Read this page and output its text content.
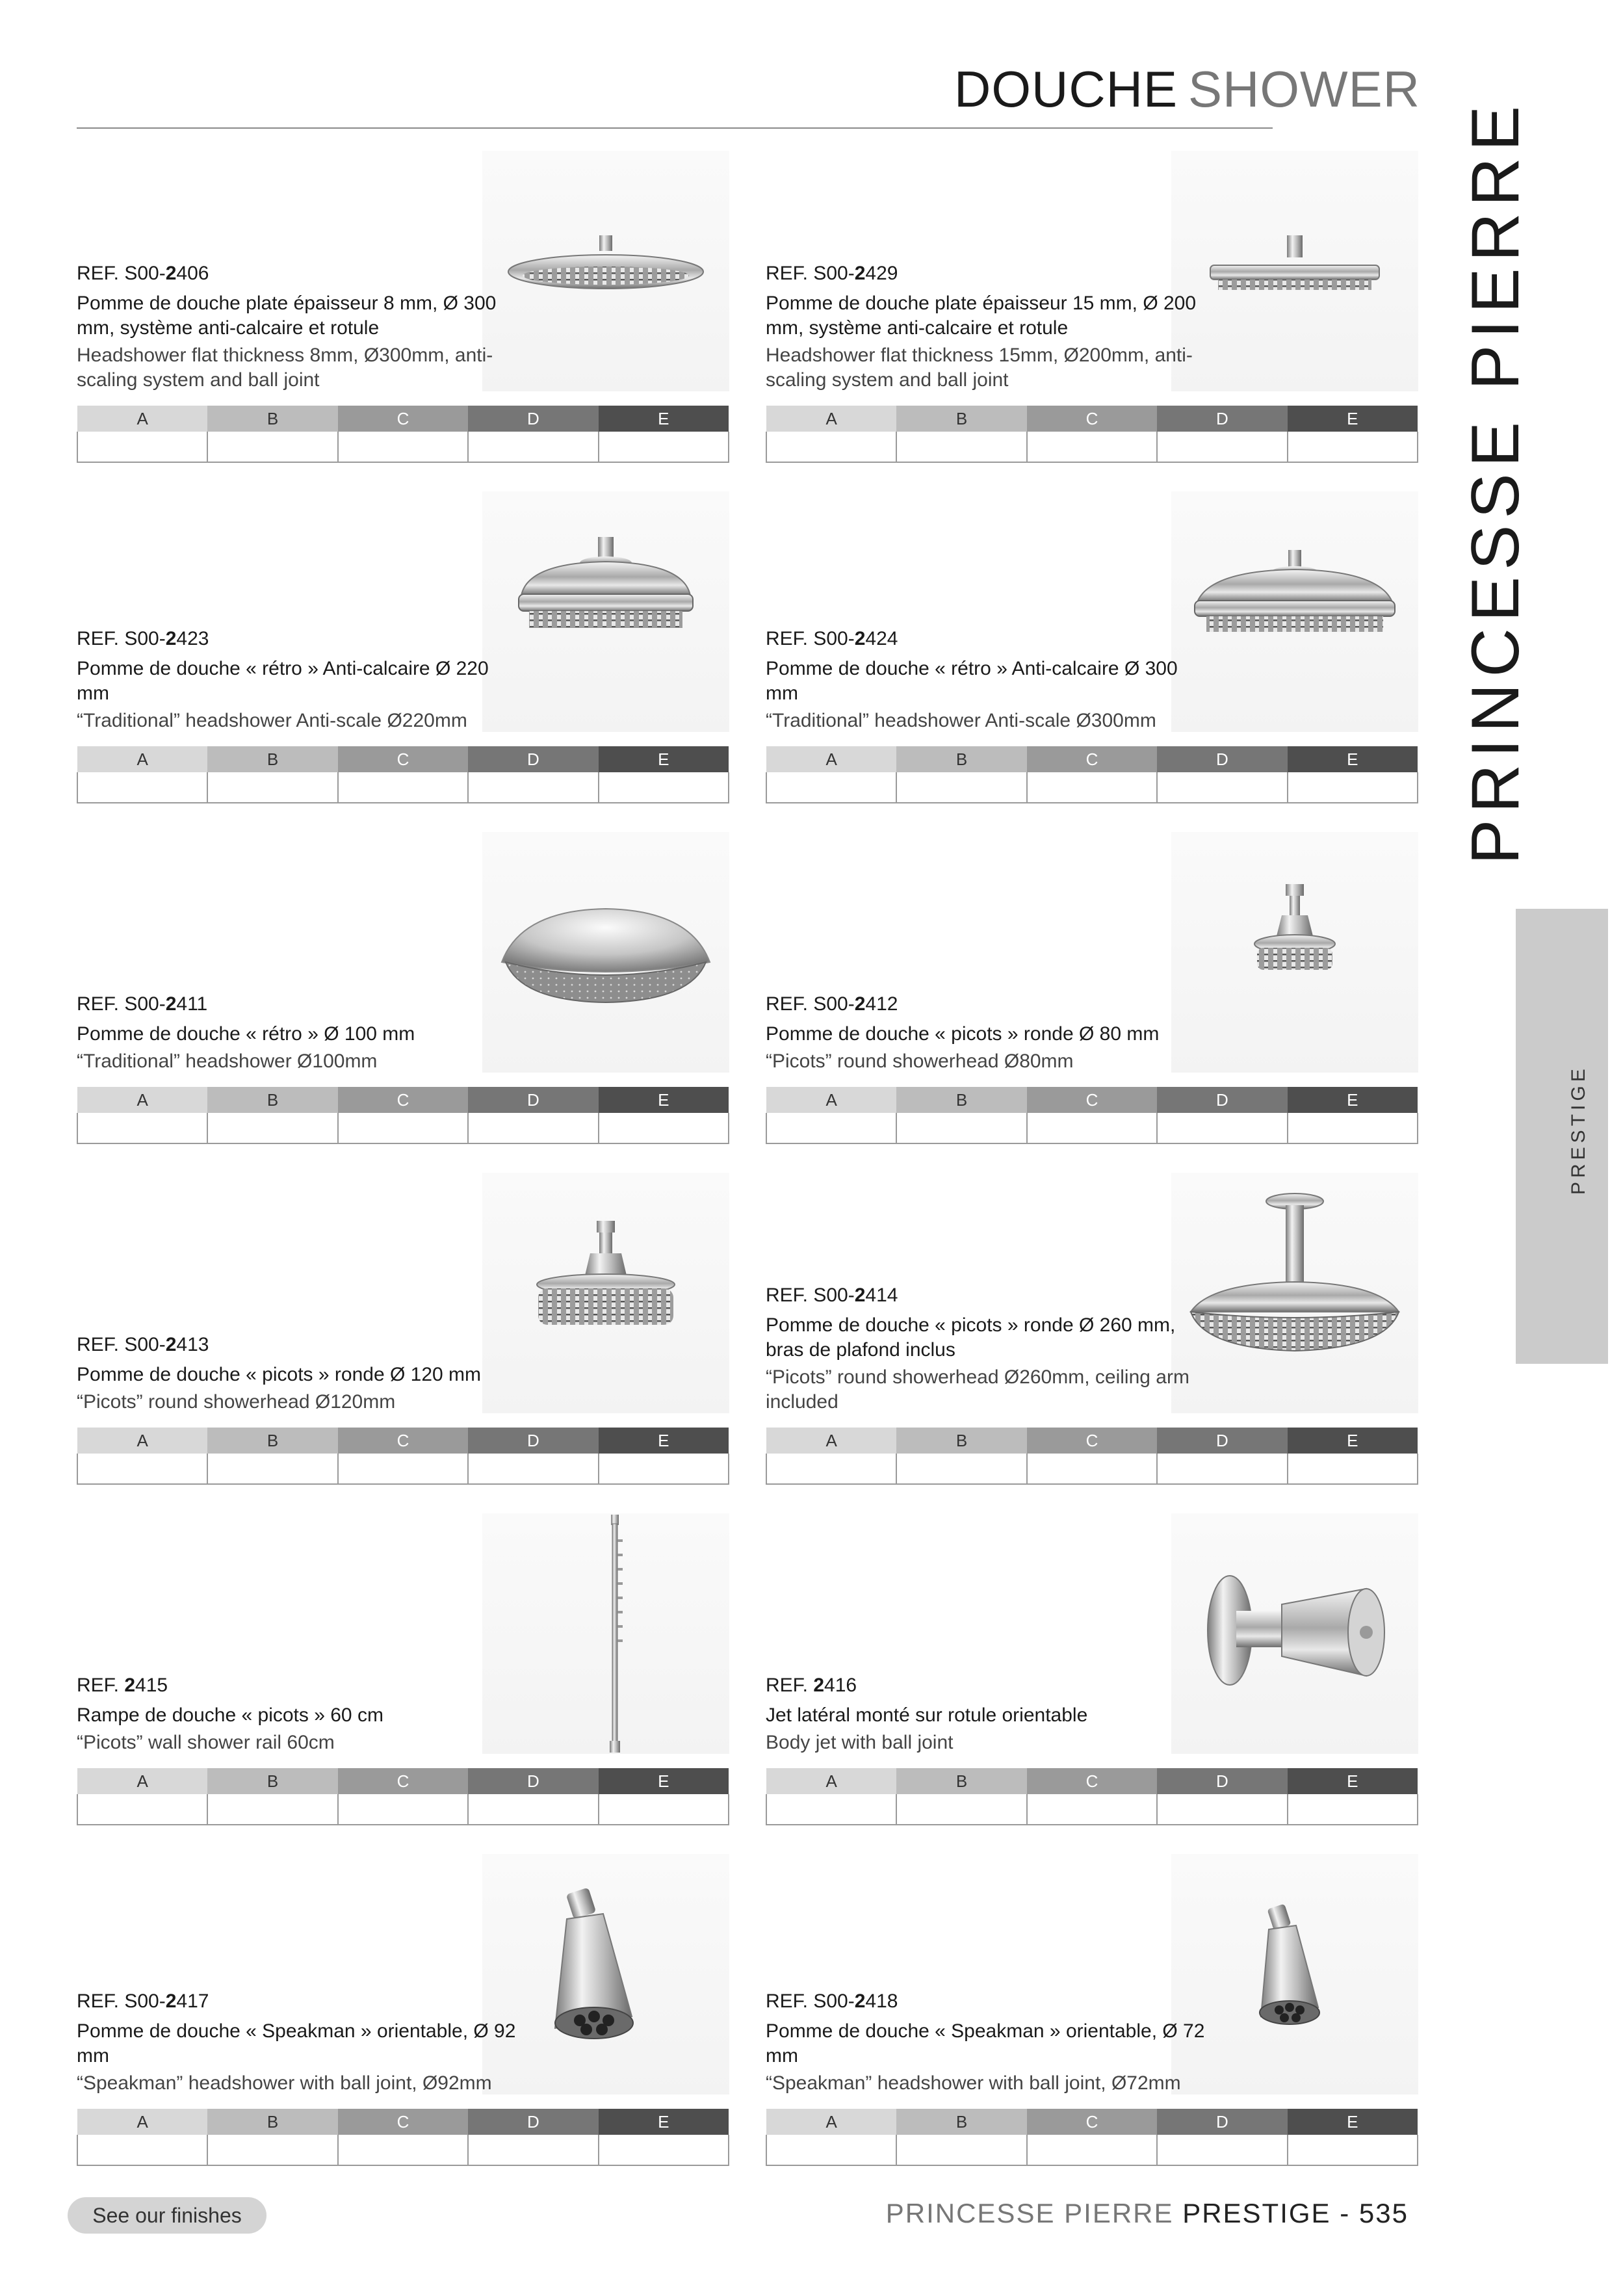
DOUCHE SHOWER
PRINCESSE PIERRE
PRESTIGE

REF. S00-2406

Pomme de douche plate épaisseur 8 mm, Ø 300 mm, système anti-calcaire et rotule

Headshower flat thickness 8mm, Ø300mm, anti-scaling system and ball joint

A	B	C	D	E

REF. S00-2429

Pomme de douche plate épaisseur 15 mm, Ø 200 mm, système anti-calcaire et rotule

Headshower flat thickness 15mm, Ø200mm, anti-scaling system and ball joint

A	B	C	D	E

REF. S00-2423

Pomme de douche « rétro » Anti-calcaire Ø 220 mm

“Traditional” headshower Anti-scale Ø220mm

A	B	C	D	E

REF. S00-2424

Pomme de douche « rétro » Anti-calcaire Ø 300 mm

“Traditional” headshower Anti-scale Ø300mm

A	B	C	D	E

REF. S00-2411

Pomme de douche « rétro » Ø 100 mm

“Traditional” headshower Ø100mm

A	B	C	D	E

REF. S00-2412

Pomme de douche « picots » ronde Ø 80 mm

“Picots” round showerhead Ø80mm

A	B	C	D	E

REF. S00-2413

Pomme de douche « picots » ronde Ø 120 mm

“Picots” round showerhead Ø120mm

A	B	C	D	E

REF. S00-2414

Pomme de douche « picots » ronde Ø 260 mm, bras de plafond inclus

“Picots” round showerhead Ø260mm, ceiling arm included

A	B	C	D	E

REF. 2415

Rampe de douche « picots » 60 cm

“Picots” wall shower rail 60cm

A	B	C	D	E

REF. 2416

Jet latéral monté sur rotule orientable

Body jet with ball joint

A	B	C	D	E

REF. S00-2417

Pomme de douche « Speakman » orientable, Ø 92 mm

“Speakman” headshower with ball joint, Ø92mm

A	B	C	D	E

REF. S00-2418

Pomme de douche « Speakman » orientable, Ø 72 mm

“Speakman” headshower with ball joint, Ø72mm

A	B	C	D	E

See our finishes	PRINCESSE PIERRE PRESTIGE - 535
